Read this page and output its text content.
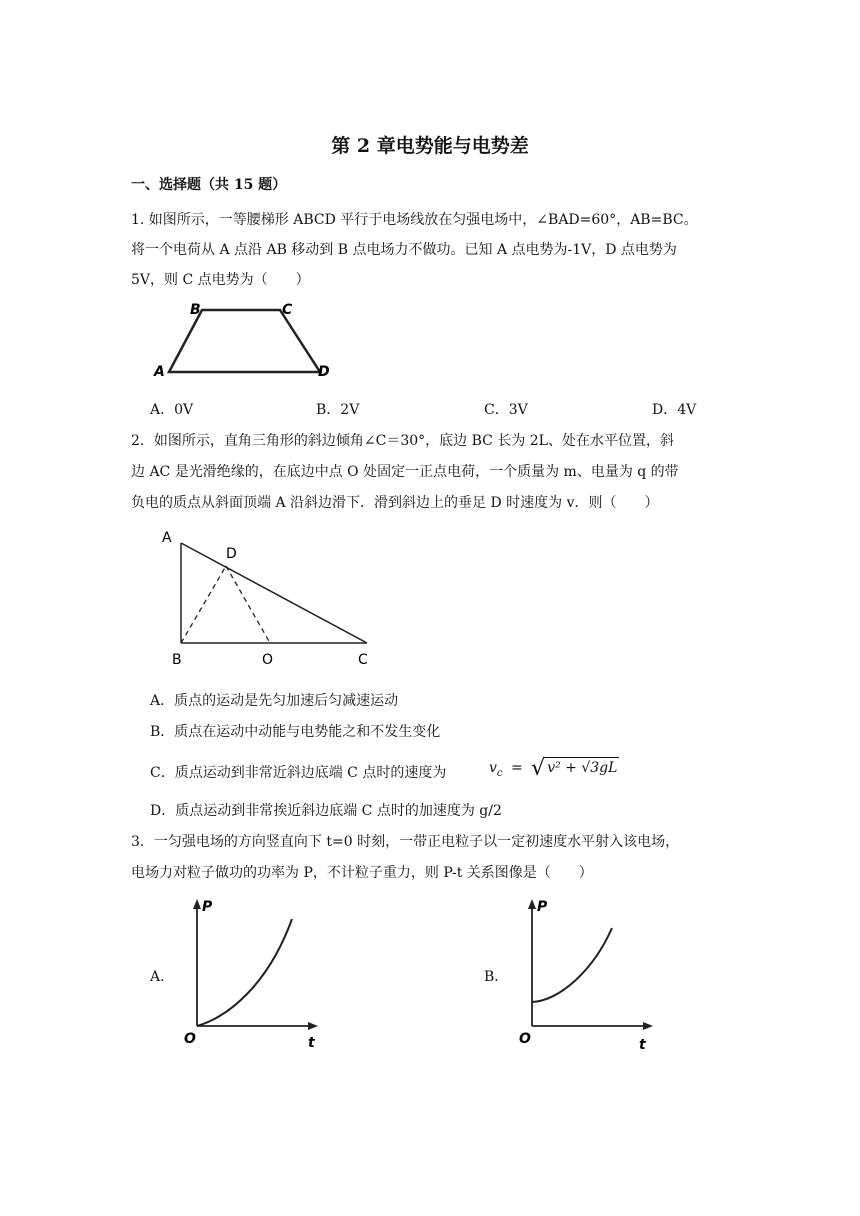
第 2 章电势能与电势差
一、选择题（共 15 题）
1. 如图所示，一等腰梯形 ABCD 平行于电场线放在匀强电场中，∠BAD=60°，AB=BC。
将一个电荷从 A 点沿 AB 移动到 B 点电场力不做功。已知 A 点电势为-1V，D 点电势为
5V，则 C 点电势为（　　）
B	C
A	D
A．0V	B．2V	C．3V	D．4V
2．如图所示，直角三角形的斜边倾角∠C＝30°，底边 BC 长为 2L、处在水平位置，斜
边 AC 是光滑绝缘的，在底边中点 O 处固定一正点电荷，一个质量为 m、电量为 q 的带
负电的质点从斜面顶端 A 沿斜边滑下．滑到斜边上的垂足 D 时速度为 v．则（　　）
A
D
B	O	C
A．质点的运动是先匀加速后匀减速运动
B．质点在运动中动能与电势能之和不发生变化
C．质点运动到非常近斜边底端 C 点时的速度为	$v_c$ = √ v² + √3gL
D．质点运动到非常挨近斜边底端 C 点时的加速度为 g/2
3．一匀强电场的方向竖直向下 t=0 时刻，一带正电粒子以一定初速度水平射入该电场，
电场力对粒子做功的功率为 P，不计粒子重力，则 P-t 关系图像是（　　）
A．
P
O	t
B．
P
O	t
